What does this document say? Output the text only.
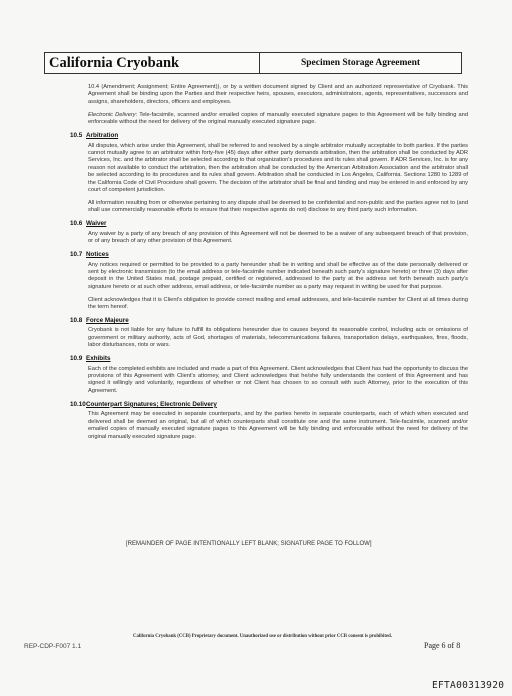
California Cryobank	Specimen Storage Agreement

10.4 (Amendment; Assignment; Entire Agreement)), or by a written document signed by Client and an authorized representative of Cryobank. This Agreement shall be binding upon the Parties and their respective heirs, spouses, executors, administrators, agents, representatives, successors and assigns, shareholders, directors, officers and employees.

Electronic Delivery: Tele-facsimile, scanned and/or emailed copies of manually executed signature pages to this Agreement will be fully binding and enforceable without the need for delivery of the original manually executed signature page.

10.5 Arbitration

All disputes, which arise under this Agreement, shall be referred to and resolved by a single arbitrator mutually acceptable to both parties. If the parties cannot mutually agree to an arbitrator within forty-five (45) days after either party demands arbitration, then the arbitration shall be conducted by ADR Services, Inc. and the arbitrator shall be selected according to that organization's procedures and its rules shall govern. If ADR Services, Inc. is for any reason not available to conduct the arbitration, then the arbitration shall be conducted by the American Arbitration Association and the arbitrator shall be selected according to its procedures and its rules shall govern. Arbitration shall be conducted in Los Angeles, California. Sections 1280 to 1289 of the California Code of Civil Procedure shall govern. The decision of the arbitrator shall be final and binding and may be entered in and enforced by any court of competent jurisdiction.

All information resulting from or otherwise pertaining to any dispute shall be deemed to be confidential and non-public and the parties agree not to (and shall use commercially reasonable efforts to ensure that their respective agents do not) disclose to any third party such information.

10.6 Waiver

Any waiver by a party of any breach of any provision of this Agreement will not be deemed to be a waiver of any subsequent breach of that provision, or of any breach of any other provision of this Agreement.

10.7 Notices

Any notices required or permitted to be provided to a party hereunder shall be in writing and shall be effective as of the date personally delivered or sent by electronic transmission (to the email address or tele-facsimile number indicated beneath such party's signature hereto) or three (3) days after deposit in the United States mail, postage prepaid, certified or registered, addressed to the party at the address set forth beneath such party's signature hereto or at such other address, email address, or tele-facsimile number as a party may request in writing be used for that purpose.

Client acknowledges that it is Client's obligation to provide correct mailing and email addresses, and tele-facsimile number for Client at all times during the term hereof.

10.8 Force Majeure

Cryobank is not liable for any failure to fulfill its obligations hereunder due to causes beyond its reasonable control, including acts or omissions of government or military authority, acts of God, shortages of materials, telecommunications failures, transportation delays, earthquakes, fires, floods, labor disturbances, riots or wars.

10.9 Exhibits

Each of the completed exhibits are included and made a part of this Agreement. Client acknowledges that Client has had the opportunity to discuss the provisions of this Agreement with Client's attorney, and Client acknowledges that he/she fully understands the content of this Agreement and has signed it willingly and voluntarily, regardless of whether or not Client has chosen to so consult with such Attorney, prior to the execution of this Agreement.

10.10Counterpart Signatures; Electronic Delivery

This Agreement may be executed in separate counterparts, and by the parties hereto in separate counterparts, each of which when executed and delivered shall be deemed an original, but all of which counterparts shall constitute one and the same instrument. Tele-facsimile, scanned and/or emailed copies of manually executed signature pages to this Agreement will be fully binding and enforceable without the need for delivery of the original manually executed signature page.

[REMAINDER OF PAGE INTENTIONALLY LEFT BLANK; SIGNATURE PAGE TO FOLLOW]
California Cryobank (CCB) Proprietary document. Unauthorized use or distribution without prior CCB consent is prohibited.
REP-CDP-F007 1.1	Page 6 of 8
EFTA00313920
